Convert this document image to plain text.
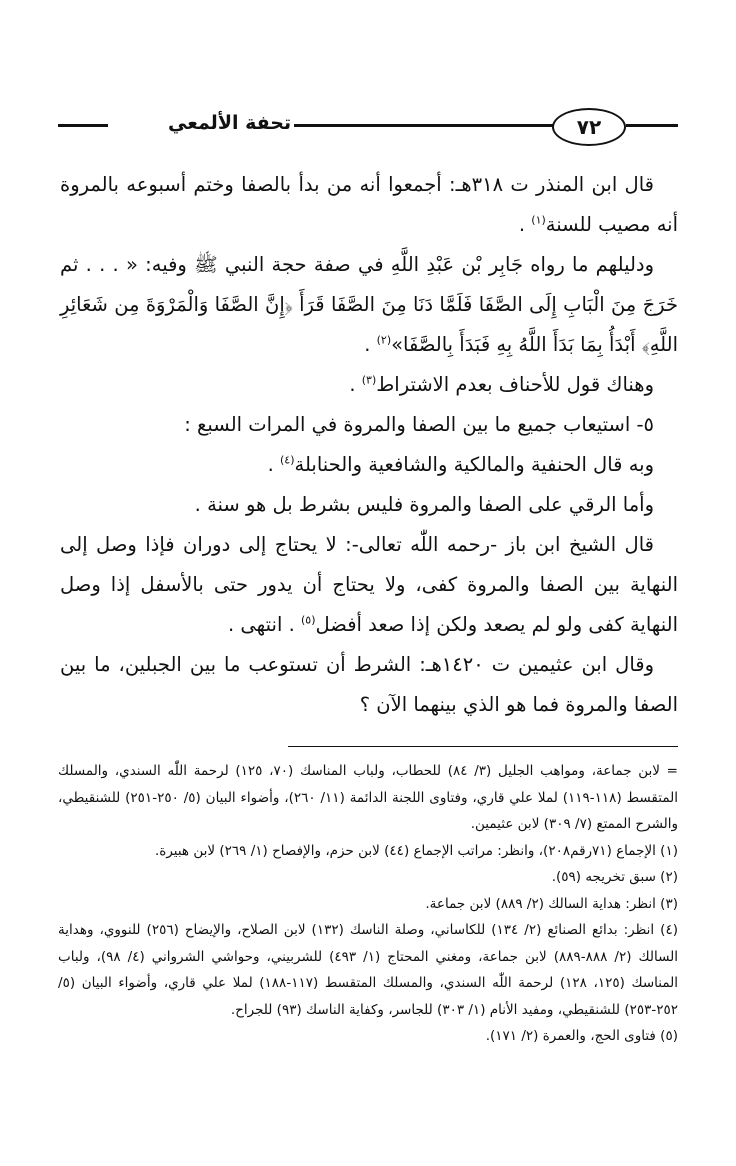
٧٢
تحفة الألمعي

قال ابن المنذر ت ٣١٨هـ: أجمعوا أنه من بدأ بالصفا وختم أسبوعه بالمروة أنه مصيب للسنة$^{(١)}$ .

ودليلهم ما رواه جَابِر بْن عَبْدِ اللَّهِ في صفة حجة النبي ﷺ وفيه: « . . . ثم خَرَجَ مِنَ الْبَابِ إِلَى الصَّفَا فَلَمَّا دَنَا مِنَ الصَّفَا قَرَأَ ﴿إِنَّ الصَّفَا وَالْمَرْوَةَ مِن شَعَائِرِ اللَّهِ﴾ أَبْدَأُ بِمَا بَدَأَ اللَّهُ بِهِ فَبَدَأَ بِالصَّفَا»$^{(٢)}$ .

وهناك قول للأحناف بعدم الاشتراط$^{(٣)}$ .

٥- استيعاب جميع ما بين الصفا والمروة في المرات السبع :

وبه قال الحنفية والمالكية والشافعية والحنابلة$^{(٤)}$ .

وأما الرقي على الصفا والمروة فليس بشرط بل هو سنة .

قال الشيخ ابن باز -رحمه اللّٰه تعالى-: لا يحتاج إلى دوران فإذا وصل إلى النهاية بين الصفا والمروة كفى، ولا يحتاج أن يدور حتى بالأسفل إذا وصل النهاية كفى ولو لم يصعد ولكن إذا صعد أفضل$^{(٥)}$ . انتهى .

وقال ابن عثيمين ت ١٤٢٠هـ: الشرط أن تستوعب ما بين الجبلين، ما بين الصفا والمروة فما هو الذي بينهما الآن ؟

= لابن جماعة، ومواهب الجليل (٣/ ٨٤) للحطاب، ولباب المناسك (٧٠، ١٢٥) لرحمة اللّٰه السندي، والمسلك المتقسط (١١٨-١١٩) لملا علي قاري، وفتاوى اللجنة الدائمة (١١/ ٢٦٠)، وأضواء البيان (٥/ ٢٥٠-٢٥١) للشنقيطي، والشرح الممتع (٧/ ٣٠٩) لابن عثيمين.

(١) الإجماع (٧١رقم٢٠٨)، وانظر: مراتب الإجماع (٤٤) لابن حزم، والإفصاح (١/ ٢٦٩) لابن هبيرة.

(٢) سبق تخريجه (٥٩).

(٣) انظر: هداية السالك (٢/ ٨٨٩) لابن جماعة.

(٤) انظر: بدائع الصنائع (٢/ ١٣٤) للكاساني، وصلة الناسك (١٣٢) لابن الصلاح، والإيضاح (٢٥٦) للنووي، وهداية السالك (٢/ ٨٨٨-٨٨٩) لابن جماعة، ومغني المحتاج (١/ ٤٩٣) للشربيني، وحواشي الشرواني (٤/ ٩٨)، ولباب المناسك (١٢٥، ١٢٨) لرحمة اللّٰه السندي، والمسلك المتقسط (١١٧-١٨٨) لملا علي قاري، وأضواء البيان (٥/ ٢٥٢-٢٥٣) للشنقيطي، ومفيد الأنام (١/ ٣٠٣) للجاسر، وكفاية الناسك (٩٣) للجراح.

(٥) فتاوى الحج، والعمرة (٢/ ١٧١).
